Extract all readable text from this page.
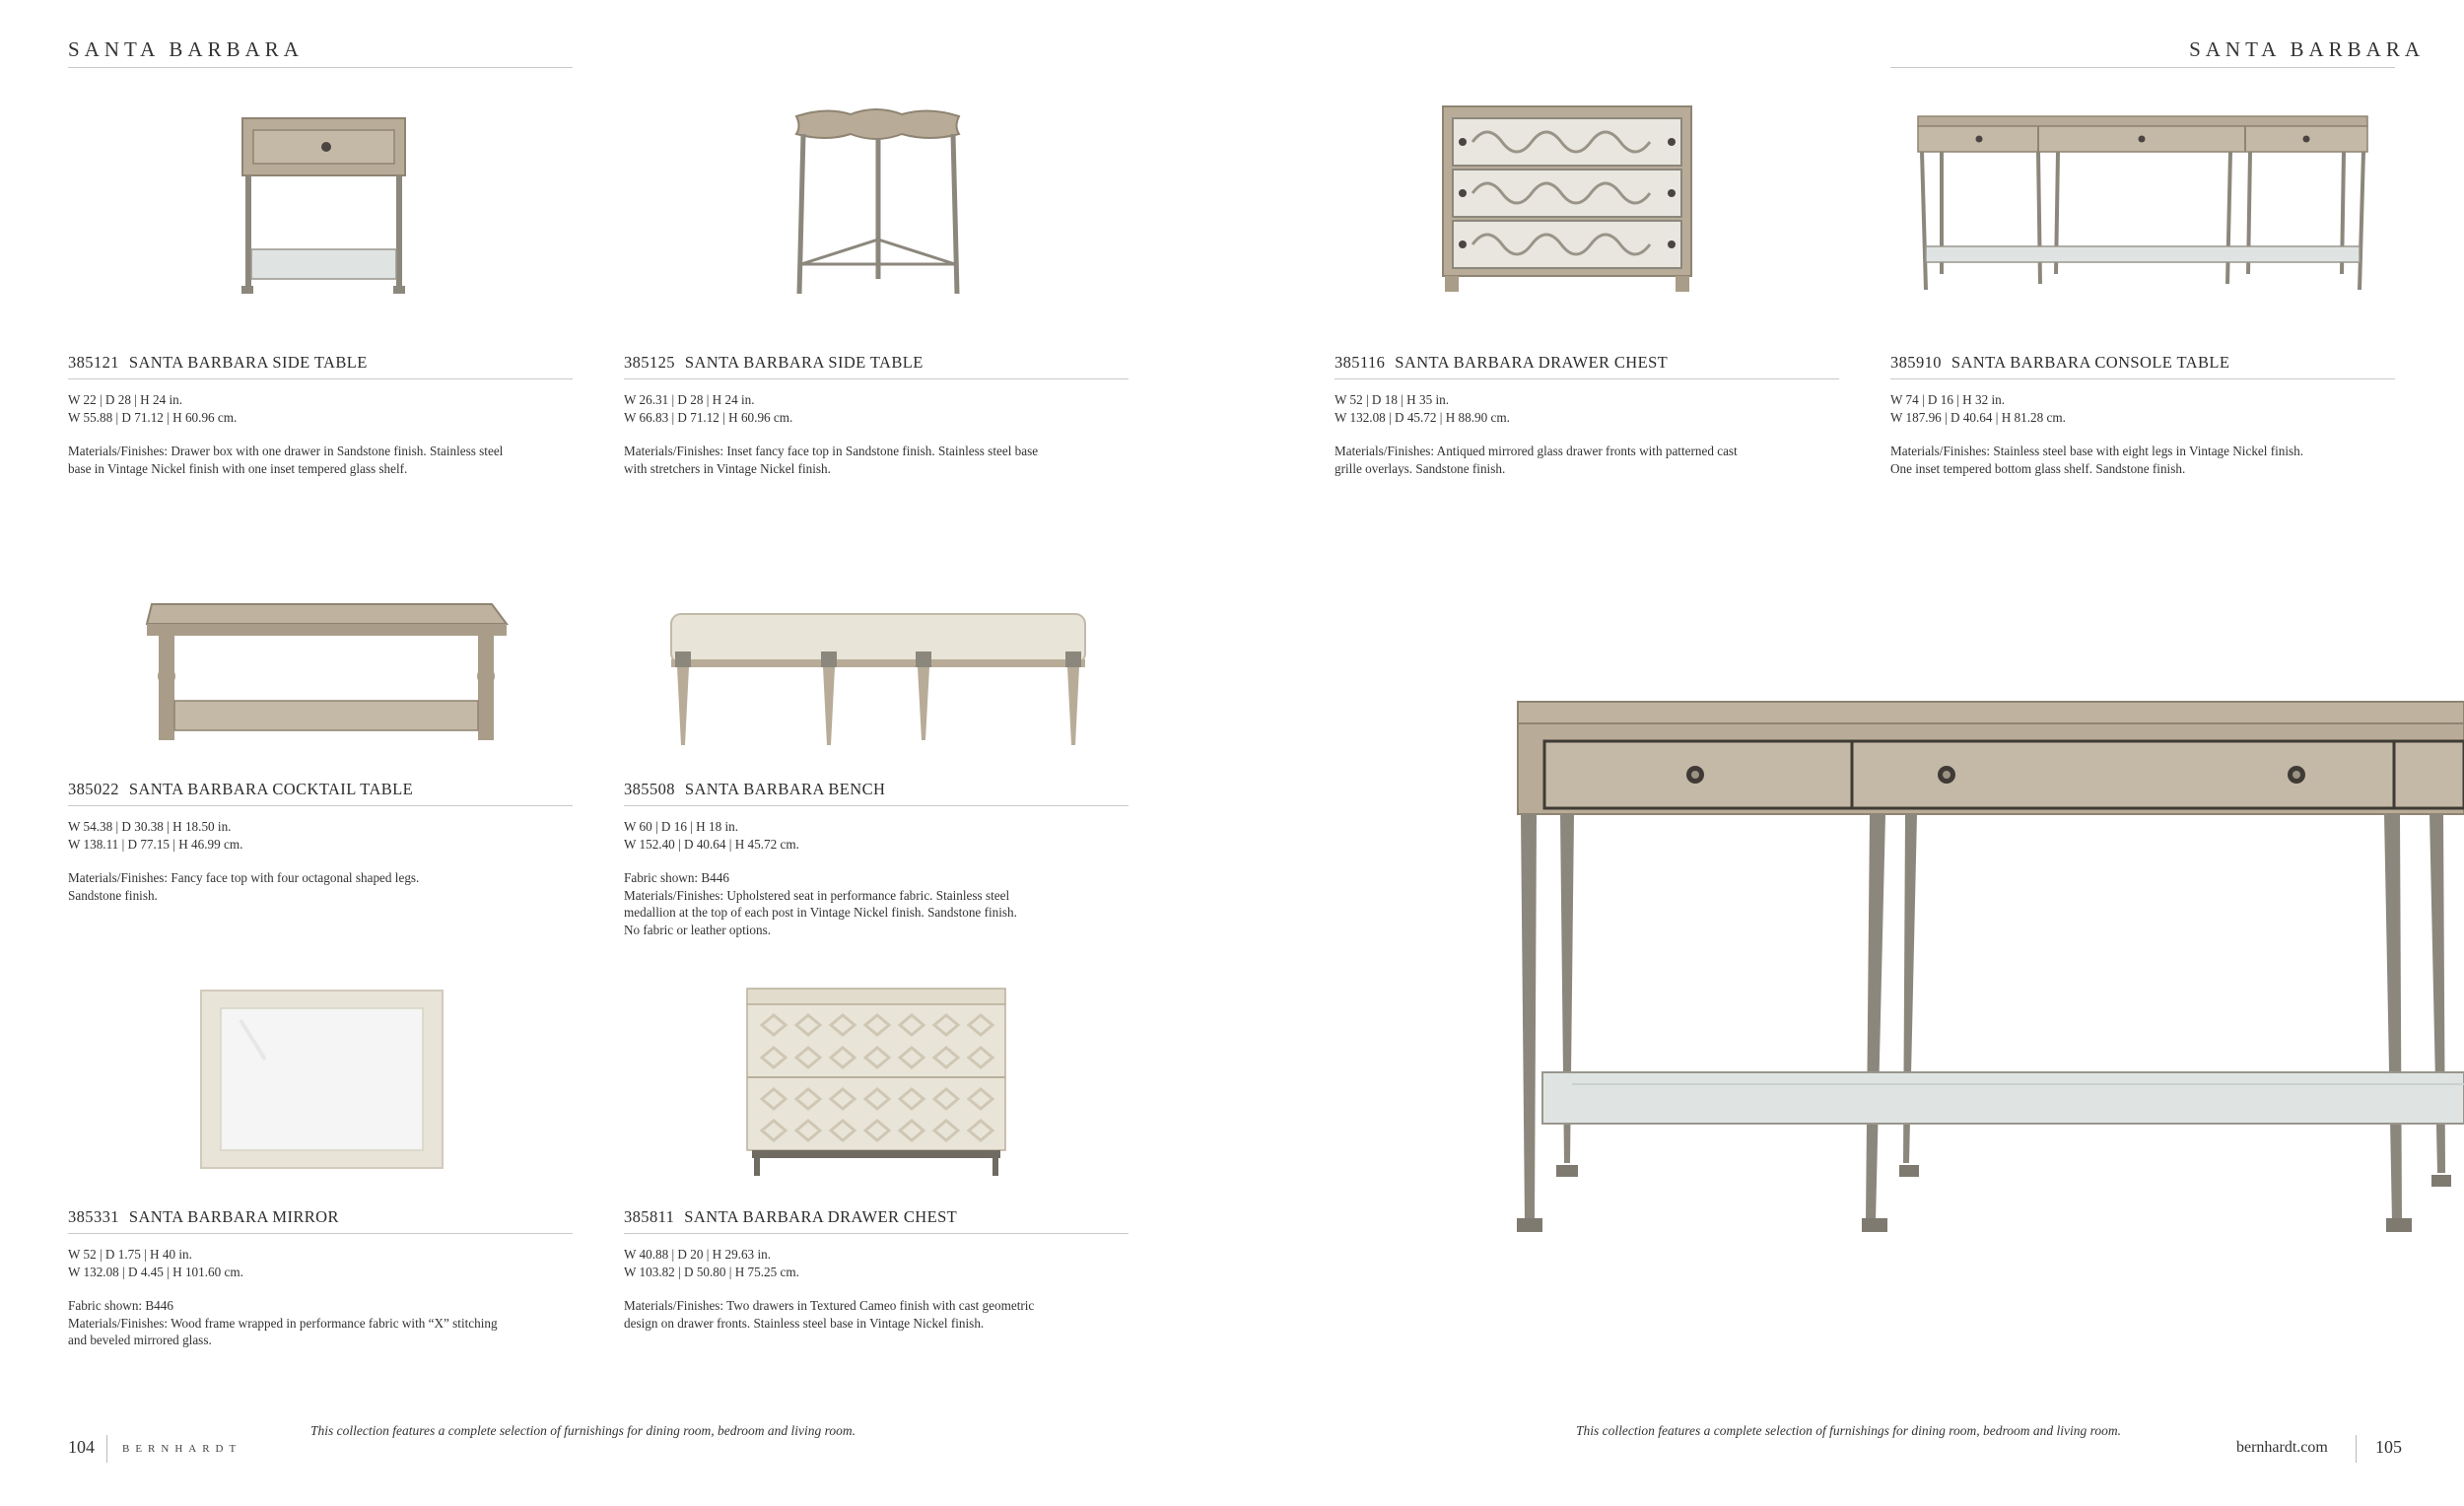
SANTA BARBARA
385121 SANTA BARBARA SIDE TABLE
W 22 | D 28 | H 24 in.
W 55.88 | D 71.12 | H 60.96 cm.
Materials/Finishes: Drawer box with one drawer in Sandstone finish. Stainless steel
base in Vintage Nickel finish with one inset tempered glass shelf.
385125 SANTA BARBARA SIDE TABLE
W 26.31 | D 28 | H 24 in.
W 66.83 | D 71.12 | H 60.96 cm.
Materials/Finishes: Inset fancy face top in Sandstone finish. Stainless steel base
with stretchers in Vintage Nickel finish.
385022 SANTA BARBARA COCKTAIL TABLE
W 54.38 | D 30.38 | H 18.50 in.
W 138.11 | D 77.15 | H 46.99 cm.
Materials/Finishes: Fancy face top with four octagonal shaped legs.
Sandstone finish.
385508 SANTA BARBARA BENCH
W 60 | D 16 | H 18 in.
W 152.40 | D 40.64 | H 45.72 cm.
Fabric shown: B446
Materials/Finishes: Upholstered seat in performance fabric. Stainless steel
medallion at the top of each post in Vintage Nickel finish. Sandstone finish.
No fabric or leather options.
385331 SANTA BARBARA MIRROR
W 52 | D 1.75 | H 40 in.
W 132.08 | D 4.45 | H 101.60 cm.
Fabric shown: B446
Materials/Finishes: Wood frame wrapped in performance fabric with “X” stitching
and beveled mirrored glass.
385811 SANTA BARBARA DRAWER CHEST
W 40.88 | D 20 | H 29.63 in.
W 103.82 | D 50.80 | H 75.25 cm.
Materials/Finishes: Two drawers in Textured Cameo finish with cast geometric
design on drawer fronts. Stainless steel base in Vintage Nickel finish.
104	BERNHARDT
This collection features a complete selection of furnishings for dining room, bedroom and living room.
SANTA BARBARA
385116 SANTA BARBARA DRAWER CHEST
W 52 | D 18 | H 35 in.
W 132.08 | D 45.72 | H 88.90 cm.
Materials/Finishes: Antiqued mirrored glass drawer fronts with patterned cast
grille overlays. Sandstone finish.
385910 SANTA BARBARA CONSOLE TABLE
W 74 | D 16 | H 32 in.
W 187.96 | D 40.64 | H 81.28 cm.
Materials/Finishes: Stainless steel base with eight legs in Vintage Nickel finish.
One inset tempered bottom glass shelf. Sandstone finish.
This collection features a complete selection of furnishings for dining room, bedroom and living room.
bernhardt.com	105
